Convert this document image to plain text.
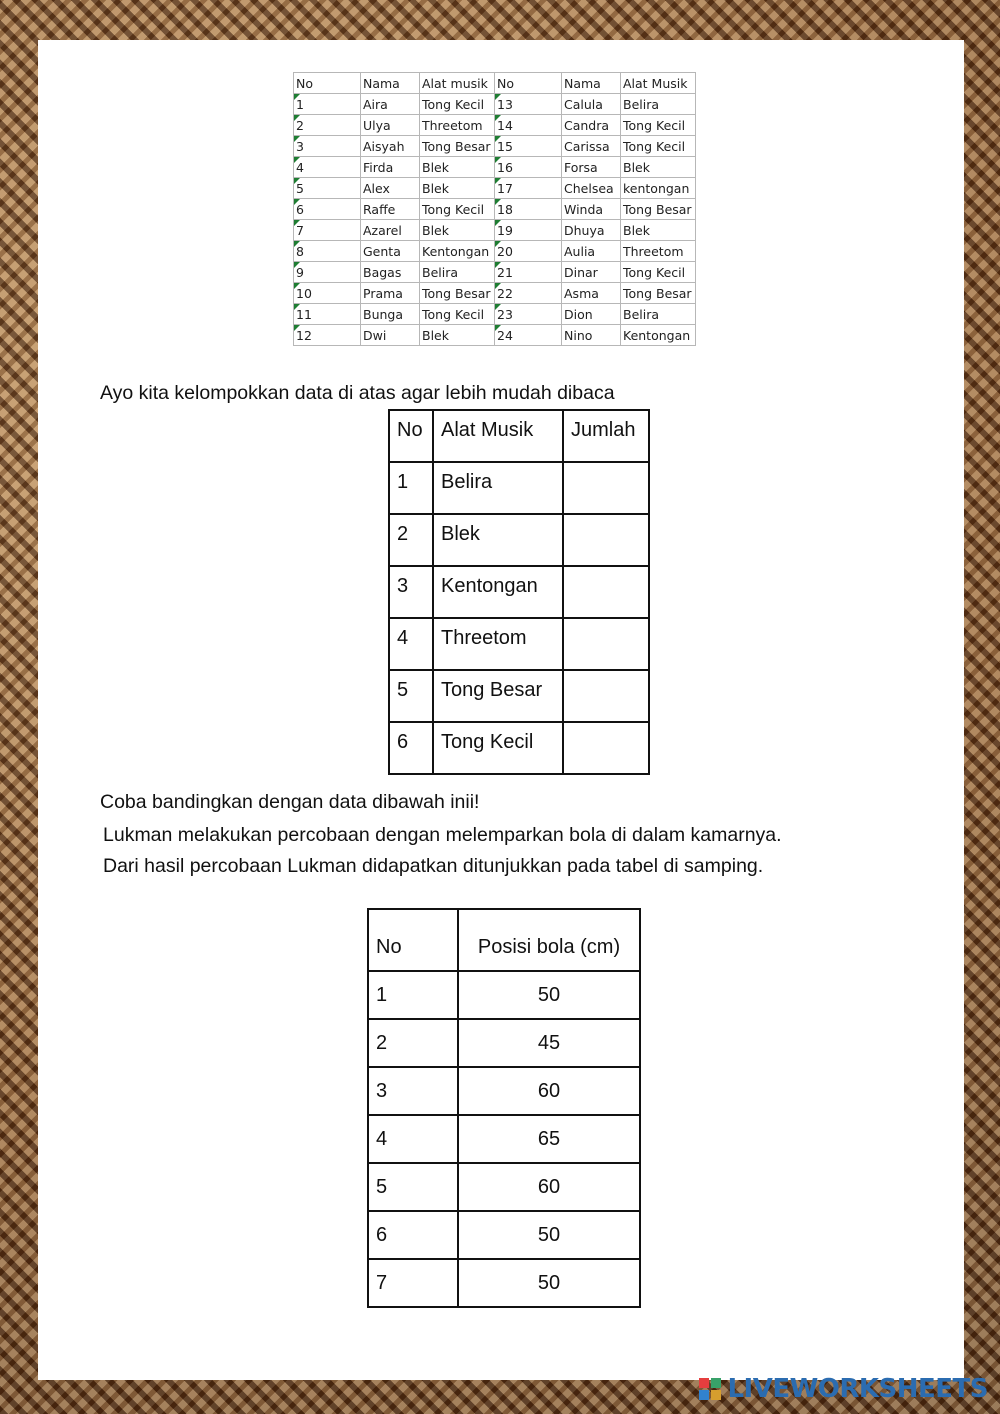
No	Nama	Alat musik	No	Nama	Alat Musik
1	Aira	Tong Kecil	13	Calula	Belira
2	Ulya	Threetom	14	Candra	Tong Kecil
3	Aisyah	Tong Besar	15	Carissa	Tong Kecil
4	Firda	Blek	16	Forsa	Blek
5	Alex	Blek	17	Chelsea	kentongan
6	Raffe	Tong Kecil	18	Winda	Tong Besar
7	Azarel	Blek	19	Dhuya	Blek
8	Genta	Kentongan	20	Aulia	Threetom
9	Bagas	Belira	21	Dinar	Tong Kecil
10	Prama	Tong Besar	22	Asma	Tong Besar
11	Bunga	Tong Kecil	23	Dion	Belira
12	Dwi	Blek	24	Nino	Kentongan

Ayo kita kelompokkan data di atas agar lebih mudah dibaca

No	Alat Musik	Jumlah

1	Belira	

2	Blek	

3	Kentongan	

4	Threetom	

5	Tong Besar	

6	Tong Kecil	

Coba bandingkan dengan data dibawah inii!

Lukman melakukan percobaan dengan melemparkan bola di dalam kamarnya.

Dari hasil percobaan Lukman didapatkan ditunjukkan pada tabel di samping.

No	Posisi bola (cm)
1	50
2	45
3	60
4	65
5	60
6	50
7	50
LIVEWORKSHEETS
